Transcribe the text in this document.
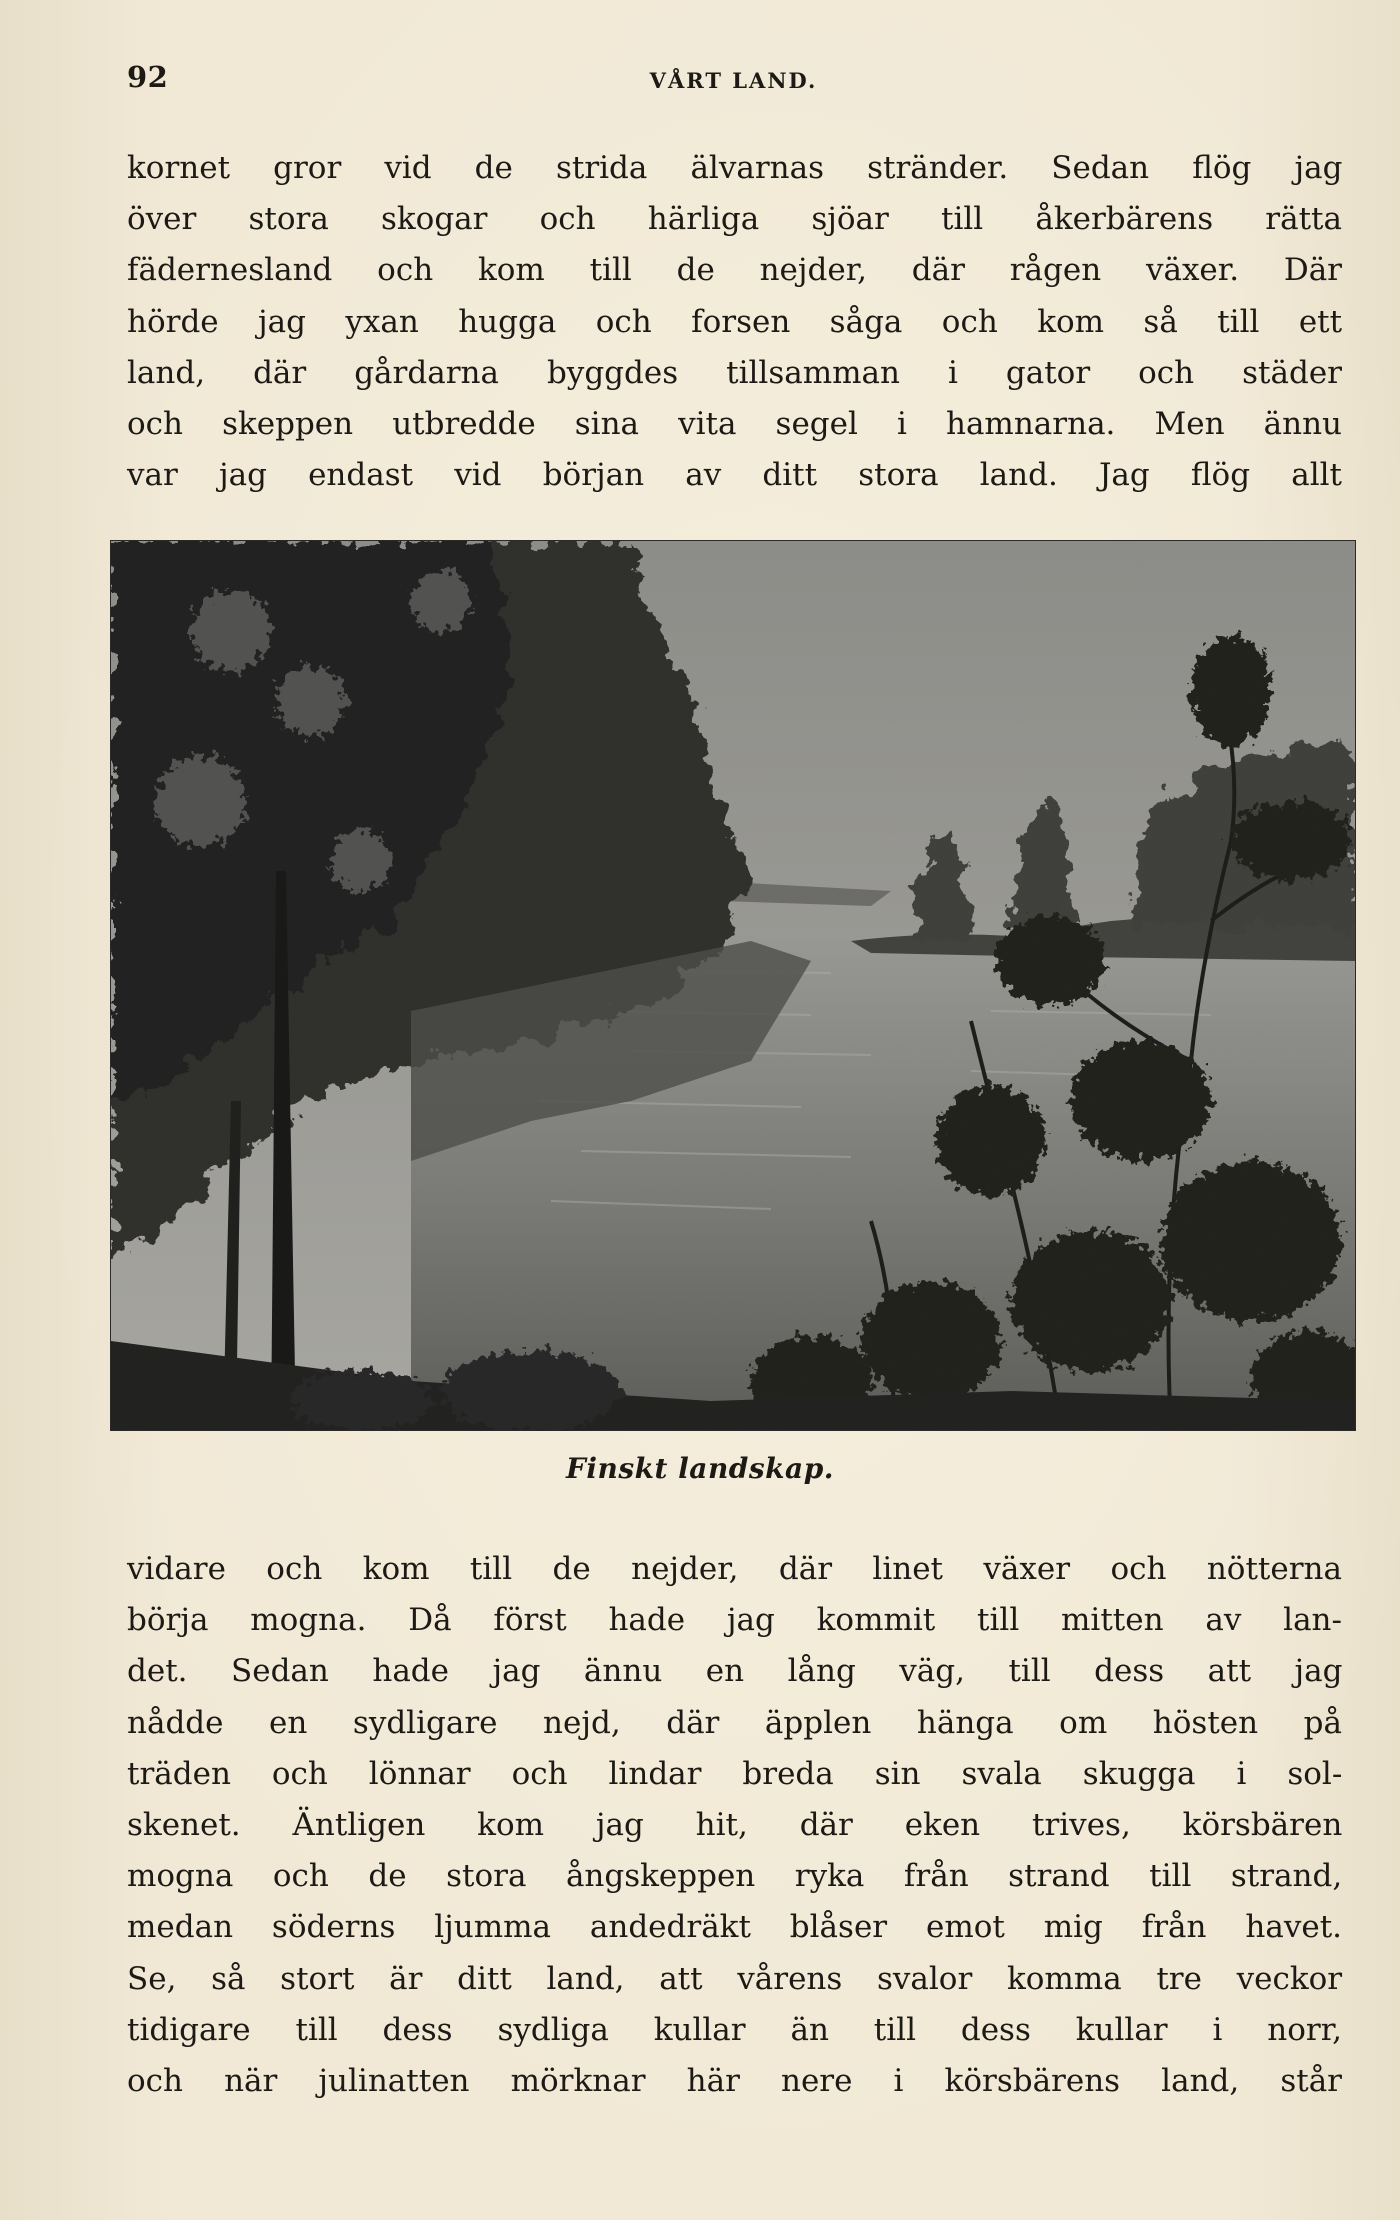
92	VÅRT LAND.
kornet gror vid de strida älvarnas stränder. Sedan flög jag
över stora skogar och härliga sjöar till åkerbärens rätta
fädernesland och kom till de nejder, där rågen växer. Där
hörde jag yxan hugga och forsen såga och kom så till ett
land, där gårdarna byggdes tillsamman i gator och städer
och skeppen utbredde sina vita segel i hamnarna. Men ännu
var jag endast vid början av ditt stora land. Jag flög allt
Finskt landskap.
vidare och kom till de nejder, där linet växer och nötterna
börja mogna. Då först hade jag kommit till mitten av lan-
det. Sedan hade jag ännu en lång väg, till dess att jag
nådde en sydligare nejd, där äpplen hänga om hösten på
träden och lönnar och lindar breda sin svala skugga i sol-
skenet. Äntligen kom jag hit, där eken trives, körsbären
mogna och de stora ångskeppen ryka från strand till strand,
medan söderns ljumma andedräkt blåser emot mig från havet.
Se, så stort är ditt land, att vårens svalor komma tre veckor
tidigare till dess sydliga kullar än till dess kullar i norr,
och när julinatten mörknar här nere i körsbärens land, står
